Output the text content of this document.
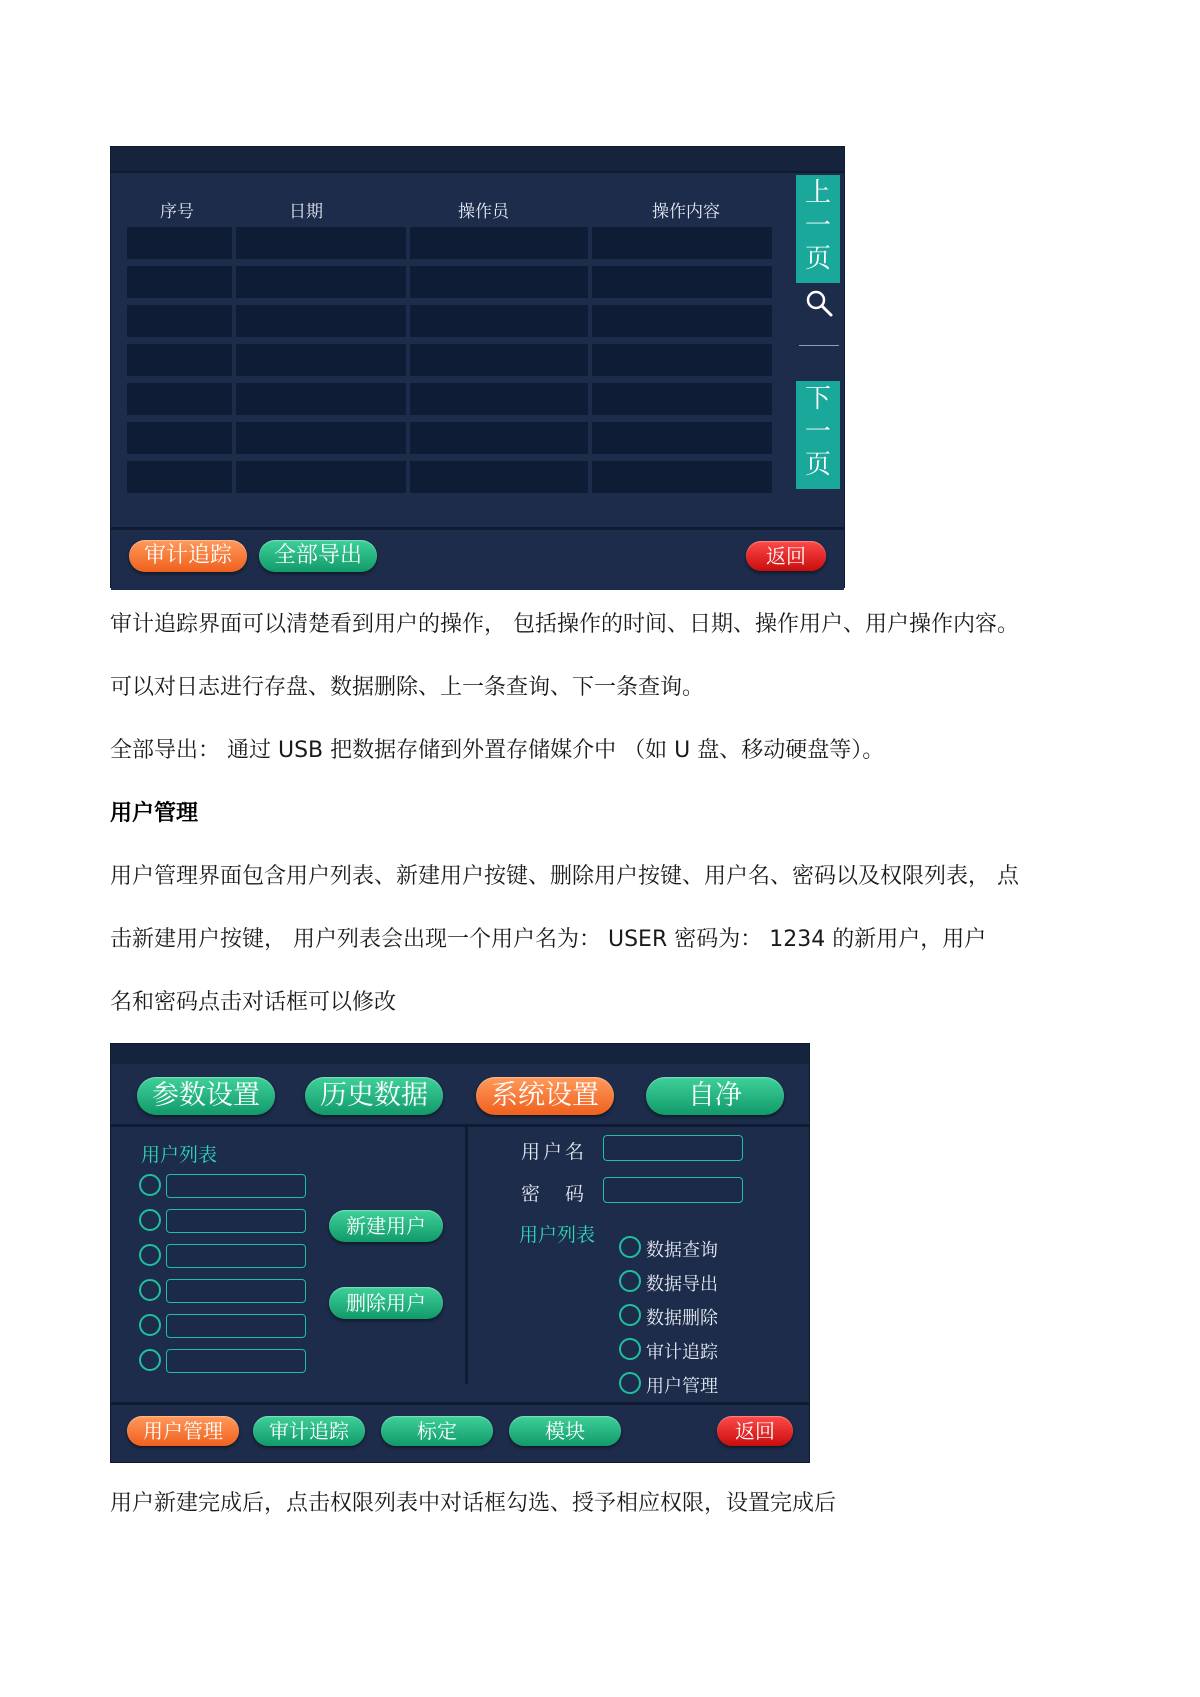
序号	日期	操作员	操作内容
上
一
页
下
一
页
审计追踪	全部导出	返回
审计追踪界面可以清楚看到用户的操作， 包括操作的时间、日期、操作用户、用户操作内容。
可以对日志进行存盘、数据删除、上一条查询、下一条查询。
全部导出： 通过 USB 把数据存储到外置存储媒介中 （如 U 盘、移动硬盘等）。
用户管理
用户管理界面包含用户列表、新建用户按键、删除用户按键、用户名、密码以及权限列表， 点
击新建用户按键， 用户列表会出现一个用户名为： USER 密码为： 1234 的新用户，用户
名和密码点击对话框可以修改
参数设置	历史数据	系统设置	自净
用户列表
新建用户
删除用户
用户名
密　码
用户列表
数据查询
数据导出
数据删除
审计追踪
用户管理
用户管理	审计追踪	标定	模块	返回
用户新建完成后，点击权限列表中对话框勾选、授予相应权限，设置完成后
